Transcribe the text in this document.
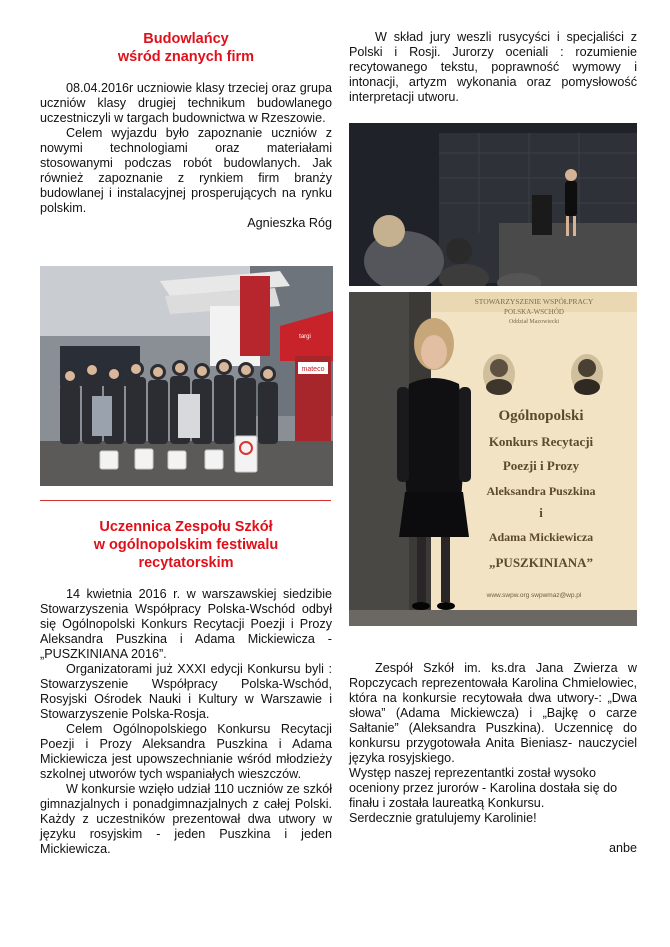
Budowlańcy
wśród znanych firm

08.04.2016r uczniowie klasy trzeciej oraz grupa uczniów klasy drugiej technikum budowlanego uczestniczyli w targach budownictwa w Rzeszowie.

Celem wyjazdu było zapoznanie uczniów z nowymi technologiami oraz materiałami stosowanymi podczas robót budowlanych. Jak również zapoznanie z rynkiem firm branży budowlanej i instalacyjnej prosperujących na rynku polskim.

Agnieszka Róg

mateco
targi
Uczennica Zespołu Szkół
w ogólnopolskim festiwalu
recytatorskim

14 kwietnia 2016 r. w warszawskiej siedzibie Stowarzyszenia Współpracy Polska-Wschód odbył się Ogólnopolski Konkurs Recytacji Poezji i Prozy Aleksandra Puszkina i Adama Mickiewicza -„PUSZKINIANA 2016”.

Organizatorami już XXXI edycji Konkursu byli : Stowarzyszenie Współpracy Polska-Wschód, Rosyjski Ośrodek Nauki i Kultury w Warszawie i Stowarzyszenie Polska-Rosja.

Celem Ogólnopolskiego Konkursu Recytacji Poezji i Prozy Aleksandra Puszkina i Adama Mickiewicza jest upowszechnianie wśród młodzieży szkolnej utworów tych wspaniałych wieszczów.

W konkursie wzięło udział 110 uczniów ze szkół gimnazjalnych i ponadgimnazjalnych z całej Polski. Każdy z uczestników prezentował dwa utwory w języku rosyjskim - jeden Puszkina i jeden Mickiewicza.

W skład jury weszli rusycyści i specjaliści z Polski i Rosji. Jurorzy oceniali : rozumienie recytowanego tekstu, poprawność wymowy i intonacji, artyzm wykonania oraz pomysłowość interpretacji utworu.

STOWARZYSZENIE WSPÓŁPRACY
POLSKA-WSCHÓD
Oddział Mazowiecki
Ogólnopolski
Konkurs Recytacji
Poezji i Prozy
Aleksandra Puszkina
i
Adama Mickiewicza
„PUSZKINIANA”
www.swpw.org swpwmaz@wp.pl

Zespół Szkół im. ks.dra Jana Zwierza w Ropczycach reprezentowała Karolina Chmielowiec, która na konkursie recytowała dwa utwory-: „Dwa słowa” (Adama Mickiewcza) i „Bajkę o carze Sałtanie” (Aleksandra Puszkina). Uczennicę do konkursu przygotowała Anita Bieniasz- nauczyciel języka rosyjskiego.

Występ naszej reprezentantki został wysoko oceniony przez jurorów - Karolina dostała się do finału i została laureatką Konkursu.

Serdecznie gratulujemy Karolinie!

anbe
